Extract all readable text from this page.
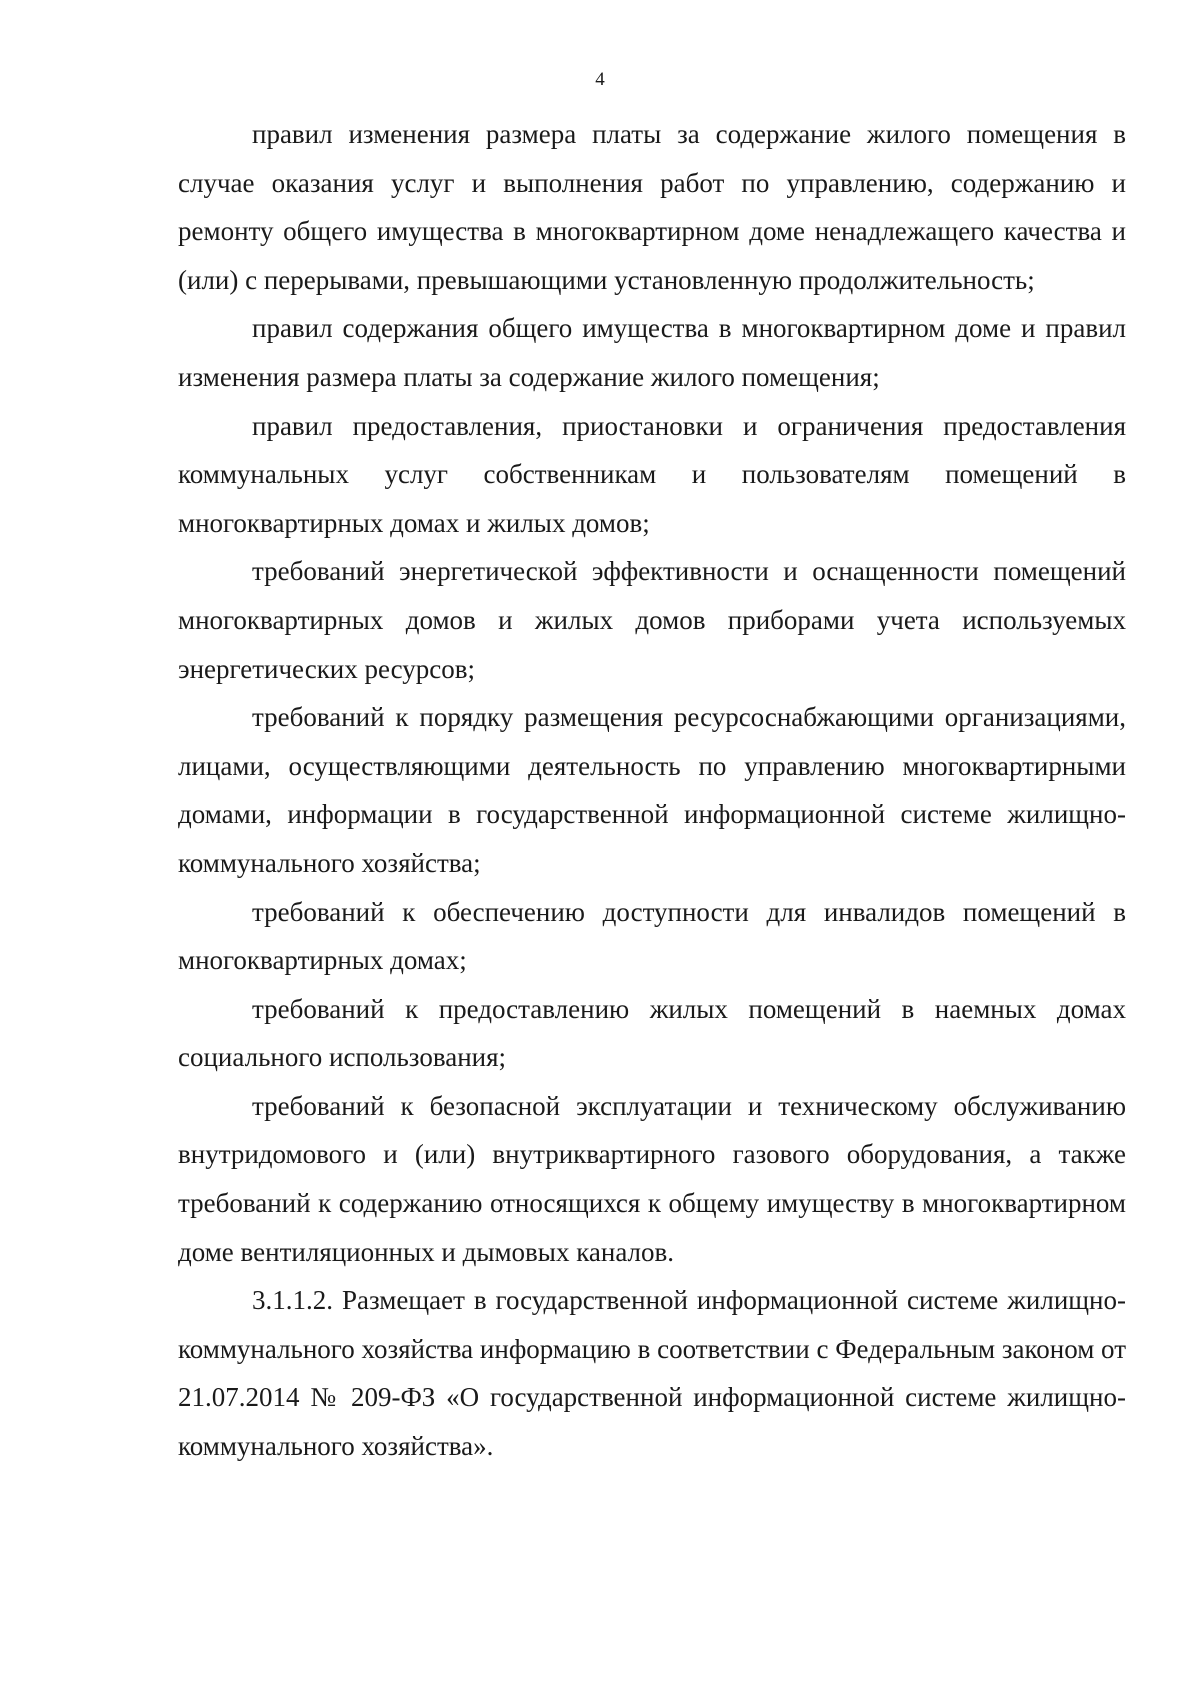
4

правил изменения размера платы за содержание жилого помещения в случае оказания услуг и выполнения работ по управлению, содержанию и ремонту общего имущества в многоквартирном доме ненадлежащего качества и (или) с перерывами, превышающими установленную продолжительность;

правил содержания общего имущества в многоквартирном доме и правил изменения размера платы за содержание жилого помещения;

правил предоставления, приостановки и ограничения предоставления коммунальных услуг собственникам и пользователям помещений в многоквартирных домах и жилых домов;

требований энергетической эффективности и оснащенности помещений многоквартирных домов и жилых домов приборами учета используемых энергетических ресурсов;

требований к порядку размещения ресурсоснабжающими организациями, лицами, осуществляющими деятельность по управлению многоквартирными домами, информации в государственной информационной системе жилищно-коммунального хозяйства;

требований к обеспечению доступности для инвалидов помещений в многоквартирных домах;

требований к предоставлению жилых помещений в наемных домах социального использования;

требований к безопасной эксплуатации и техническому обслуживанию внутридомового и (или) внутриквартирного газового оборудования, а также требований к содержанию относящихся к общему имуществу в многоквартирном доме вентиляционных и дымовых каналов.

3.1.1.2. Размещает в государственной информационной системе жилищно-коммунального хозяйства информацию в соответствии с Федеральным законом от 21.07.2014 № 209-ФЗ «О государственной информационной системе жилищно-коммунального хозяйства».
